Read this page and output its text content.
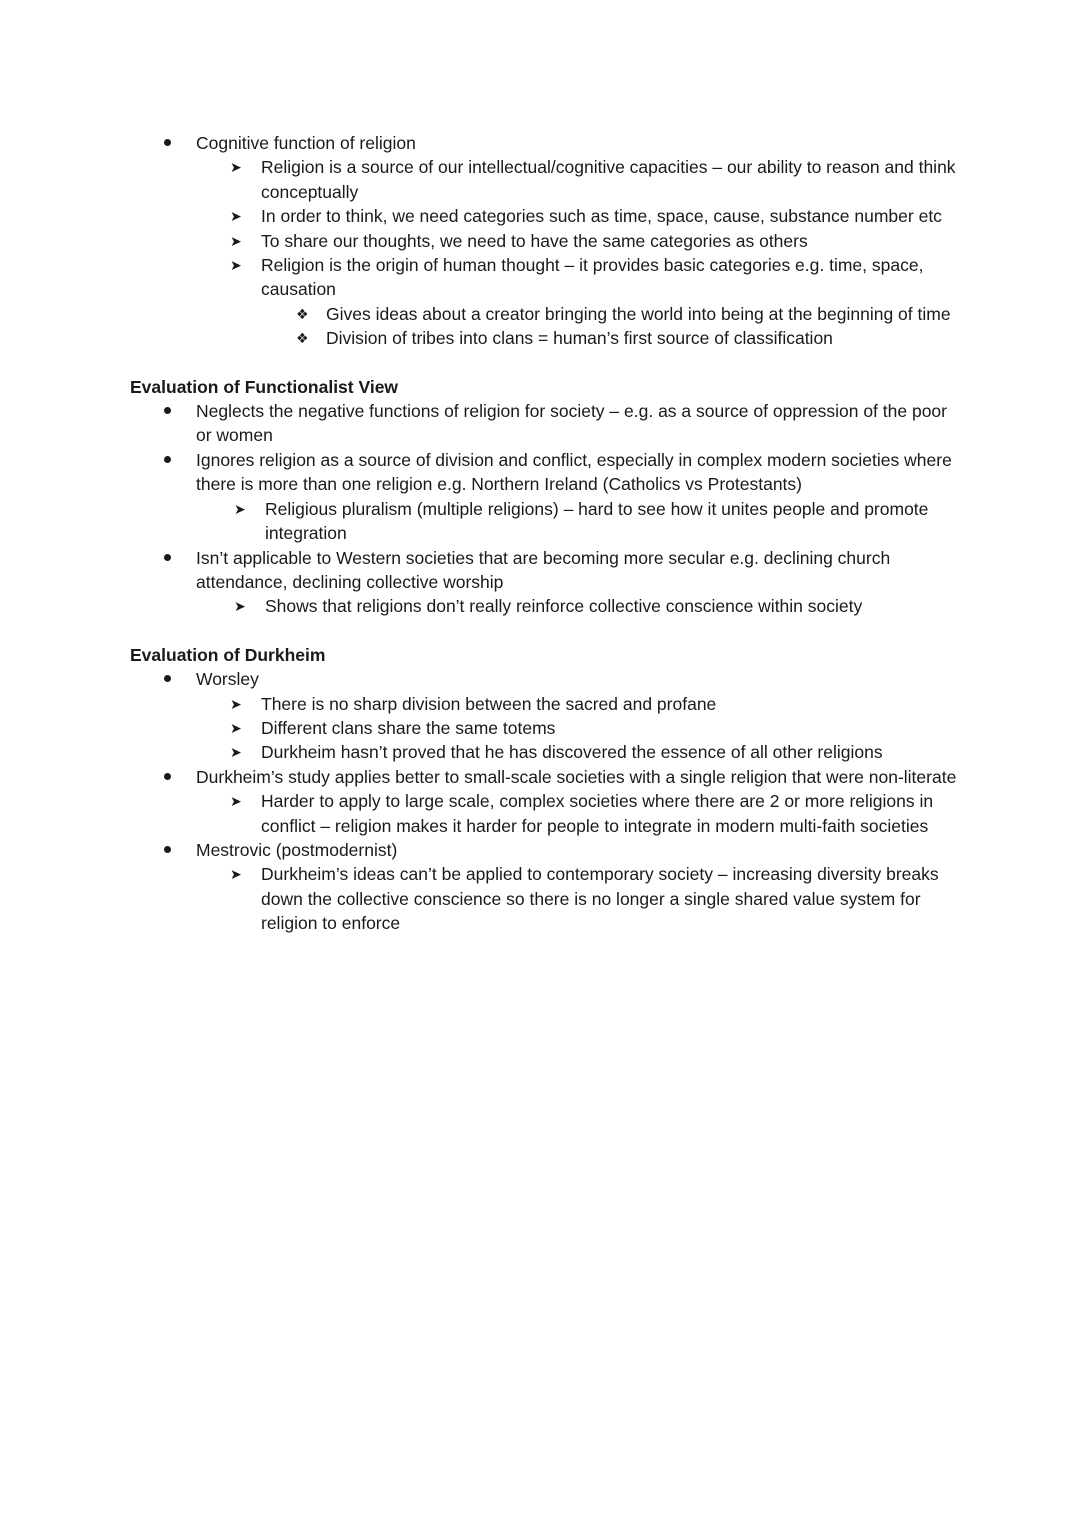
Cognitive function of religion
➤ Religion is a source of our intellectual/cognitive capacities – our ability to reason and think conceptually
➤ In order to think, we need categories such as time, space, cause, substance number etc
➤ To share our thoughts, we need to have the same categories as others
➤ Religion is the origin of human thought – it provides basic categories e.g. time, space, causation
❖ Gives ideas about a creator bringing the world into being at the beginning of time
❖ Division of tribes into clans = human’s first source of classification
Evaluation of Functionalist View
Neglects the negative functions of religion for society – e.g. as a source of oppression of the poor or women
Ignores religion as a source of division and conflict, especially in complex modern societies where there is more than one religion e.g. Northern Ireland (Catholics vs Protestants)
➤ Religious pluralism (multiple religions) – hard to see how it unites people and promote integration
Isn’t applicable to Western societies that are becoming more secular e.g. declining church attendance, declining collective worship
➤ Shows that religions don’t really reinforce collective conscience within society
Evaluation of Durkheim
Worsley
➤ There is no sharp division between the sacred and profane
➤ Different clans share the same totems
➤ Durkheim hasn’t proved that he has discovered the essence of all other religions
Durkheim’s study applies better to small-scale societies with a single religion that were non-literate
➤ Harder to apply to large scale, complex societies where there are 2 or more religions in conflict – religion makes it harder for people to integrate in modern multi-faith societies
Mestrovic (postmodernist)
➤ Durkheim’s ideas can’t be applied to contemporary society – increasing diversity breaks down the collective conscience so there is no longer a single shared value system for religion to enforce
